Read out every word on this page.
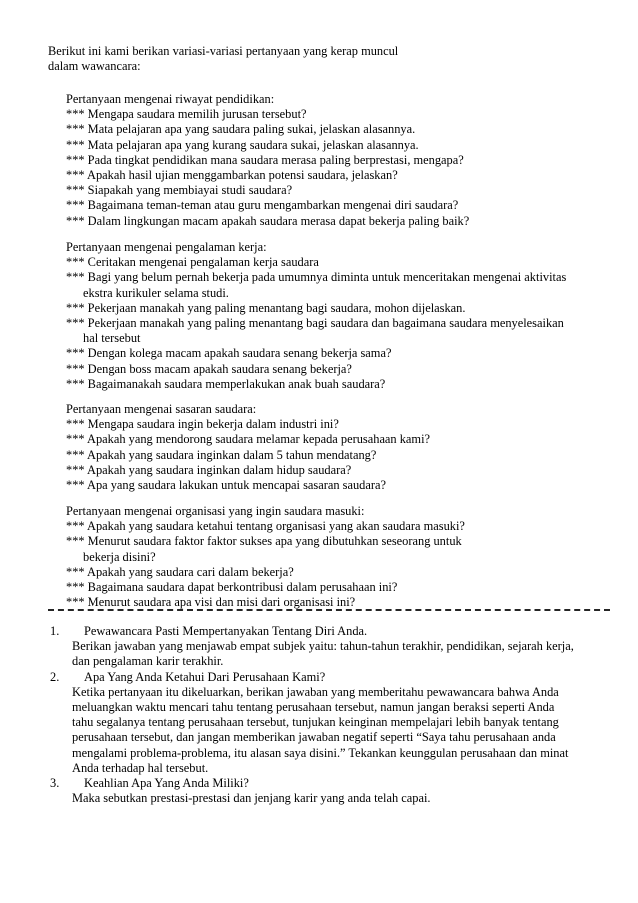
Berikut ini kami berikan variasi-variasi pertanyaan yang kerap muncul
dalam wawancara:
Pertanyaan mengenai riwayat pendidikan:
*** Mengapa saudara memilih jurusan tersebut?
*** Mata pelajaran apa yang saudara paling sukai, jelaskan alasannya.
*** Mata pelajaran apa yang kurang saudara sukai, jelaskan alasannya.
*** Pada tingkat pendidikan mana saudara merasa paling berprestasi, mengapa?
*** Apakah hasil ujian menggambarkan potensi saudara, jelaskan?
*** Siapakah yang membiayai studi saudara?
*** Bagaimana teman-teman atau guru mengambarkan mengenai diri saudara?
*** Dalam lingkungan macam apakah saudara merasa dapat bekerja paling baik?
Pertanyaan mengenai pengalaman kerja:
*** Ceritakan mengenai pengalaman kerja saudara
*** Bagi yang belum pernah bekerja pada umumnya diminta untuk menceritakan mengenai aktivitas
ekstra kurikuler selama studi.
*** Pekerjaan manakah yang paling menantang bagi saudara, mohon dijelaskan.
*** Pekerjaan manakah yang paling menantang bagi saudara dan bagaimana saudara menyelesaikan
hal tersebut
*** Dengan kolega macam apakah saudara senang bekerja sama?
*** Dengan boss macam apakah saudara senang bekerja?
*** Bagaimanakah saudara memperlakukan anak buah saudara?
Pertanyaan mengenai sasaran saudara:
*** Mengapa saudara ingin bekerja dalam industri ini?
*** Apakah yang mendorong saudara melamar kepada perusahaan kami?
*** Apakah yang saudara inginkan dalam 5 tahun mendatang?
*** Apakah yang saudara inginkan dalam hidup saudara?
*** Apa yang saudara lakukan untuk mencapai sasaran saudara?
Pertanyaan mengenai organisasi yang ingin saudara masuki:
*** Apakah yang saudara ketahui tentang organisasi yang akan saudara masuki?
*** Menurut saudara faktor faktor sukses apa yang dibutuhkan seseorang untuk
bekerja disini?
*** Apakah yang saudara cari dalam bekerja?
*** Bagaimana saudara dapat berkontribusi dalam perusahaan ini?
*** Menurut saudara apa visi dan misi dari organisasi ini?
1. Pewawancara Pasti Mempertanyakan Tentang Diri Anda.
Berikan jawaban yang menjawab empat subjek yaitu: tahun-tahun terakhir, pendidikan, sejarah kerja,
dan pengalaman karir terakhir.
2. Apa Yang Anda Ketahui Dari Perusahaan Kami?
Ketika pertanyaan itu dikeluarkan, berikan jawaban yang memberitahu pewawancara bahwa Anda
meluangkan waktu mencari tahu tentang perusahaan tersebut, namun jangan beraksi seperti Anda
tahu segalanya tentang perusahaan tersebut, tunjukan keinginan mempelajari lebih banyak tentang
perusahaan tersebut, dan jangan memberikan jawaban negatif seperti “Saya tahu perusahaan anda
mengalami problema-problema, itu alasan saya disini.” Tekankan keunggulan perusahaan dan minat
Anda terhadap hal tersebut.
3. Keahlian Apa Yang Anda Miliki?
Maka sebutkan prestasi-prestasi dan jenjang karir yang anda telah capai.
